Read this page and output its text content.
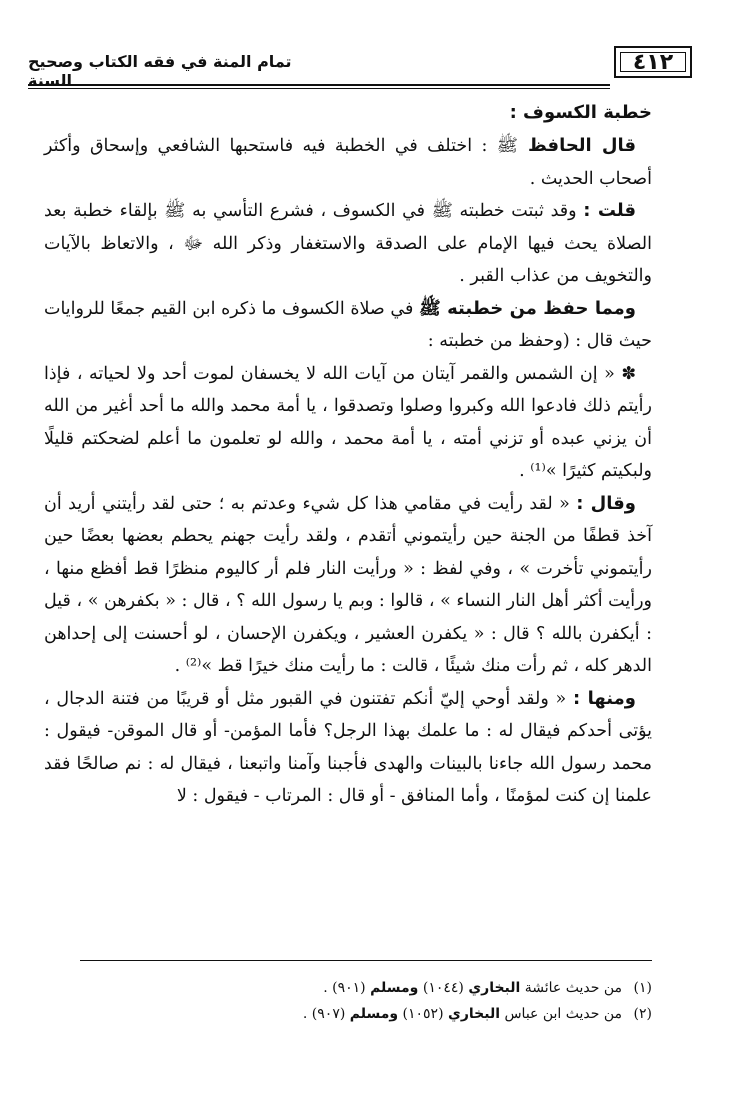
٤١٢
تمام المنة في فقه الكتاب وصحيح السنة

خطبة الكسوف :

قال الحافظ ﷺ : اختلف في الخطبة فيه فاستحبها الشافعي وإسحاق وأكثر أصحاب الحديث .

قلت : وقد ثبتت خطبته ﷺ في الكسوف ، فشرع التأسي به ﷺ بإلقاء خطبة بعد الصلاة يحث فيها الإمام على الصدقة والاستغفار وذكر الله ﷻ ، والاتعاظ بالآيات والتخويف من عذاب القبر .

ومما حفظ من خطبته ﷺ في صلاة الكسوف ما ذكره ابن القيم جمعًا للروايات حيث قال : (وحفظ من خطبته :

✽ « إن الشمس والقمر آيتان من آيات الله لا يخسفان لموت أحد ولا لحياته ، فإذا رأيتم ذلك فادعوا الله وكبروا وصلوا وتصدقوا ، يا أمة محمد والله ما أحد أغير من الله أن يزني عبده أو تزني أمته ، يا أمة محمد ، والله لو تعلمون ما أعلم لضحكتم قليلًا ولبكيتم كثيرًا »⁽¹⁾ .

وقال : « لقد رأيت في مقامي هذا كل شيء وعدتم به ؛ حتى لقد رأيتني أريد أن آخذ قطفًا من الجنة حين رأيتموني أتقدم ، ولقد رأيت جهنم يحطم بعضها بعضًا حين رأيتموني تأخرت » ، وفي لفظ : « ورأيت النار فلم أر كاليوم منظرًا قط أفظع منها ، ورأيت أكثر أهل النار النساء » ، قالوا : وبم يا رسول الله ؟ ، قال : « بكفرهن » ، قيل : أيكفرن بالله ؟ قال : « يكفرن العشير ، ويكفرن الإحسان ، لو أحسنت إلى إحداهن الدهر كله ، ثم رأت منك شيئًا ، قالت : ما رأيت منك خيرًا قط »⁽²⁾ .

ومنها : « ولقد أوحي إليّ أنكم تفتنون في القبور مثل أو قريبًا من فتنة الدجال ، يؤتى أحدكم فيقال له : ما علمك بهذا الرجل؟ فأما المؤمن- أو قال الموقن- فيقول : محمد رسول الله جاءنا بالبينات والهدى فأجبنا وآمنا واتبعنا ، فيقال له : نم صالحًا فقد علمنا إن كنت لمؤمنًا ، وأما المنافق - أو قال : المرتاب - فيقول : لا

(١)من حديث عائشة البخاري (١٠٤٤) ومسلم (٩٠١) .
(٢)من حديث ابن عباس البخاري (١٠٥٢) ومسلم (٩٠٧) .
